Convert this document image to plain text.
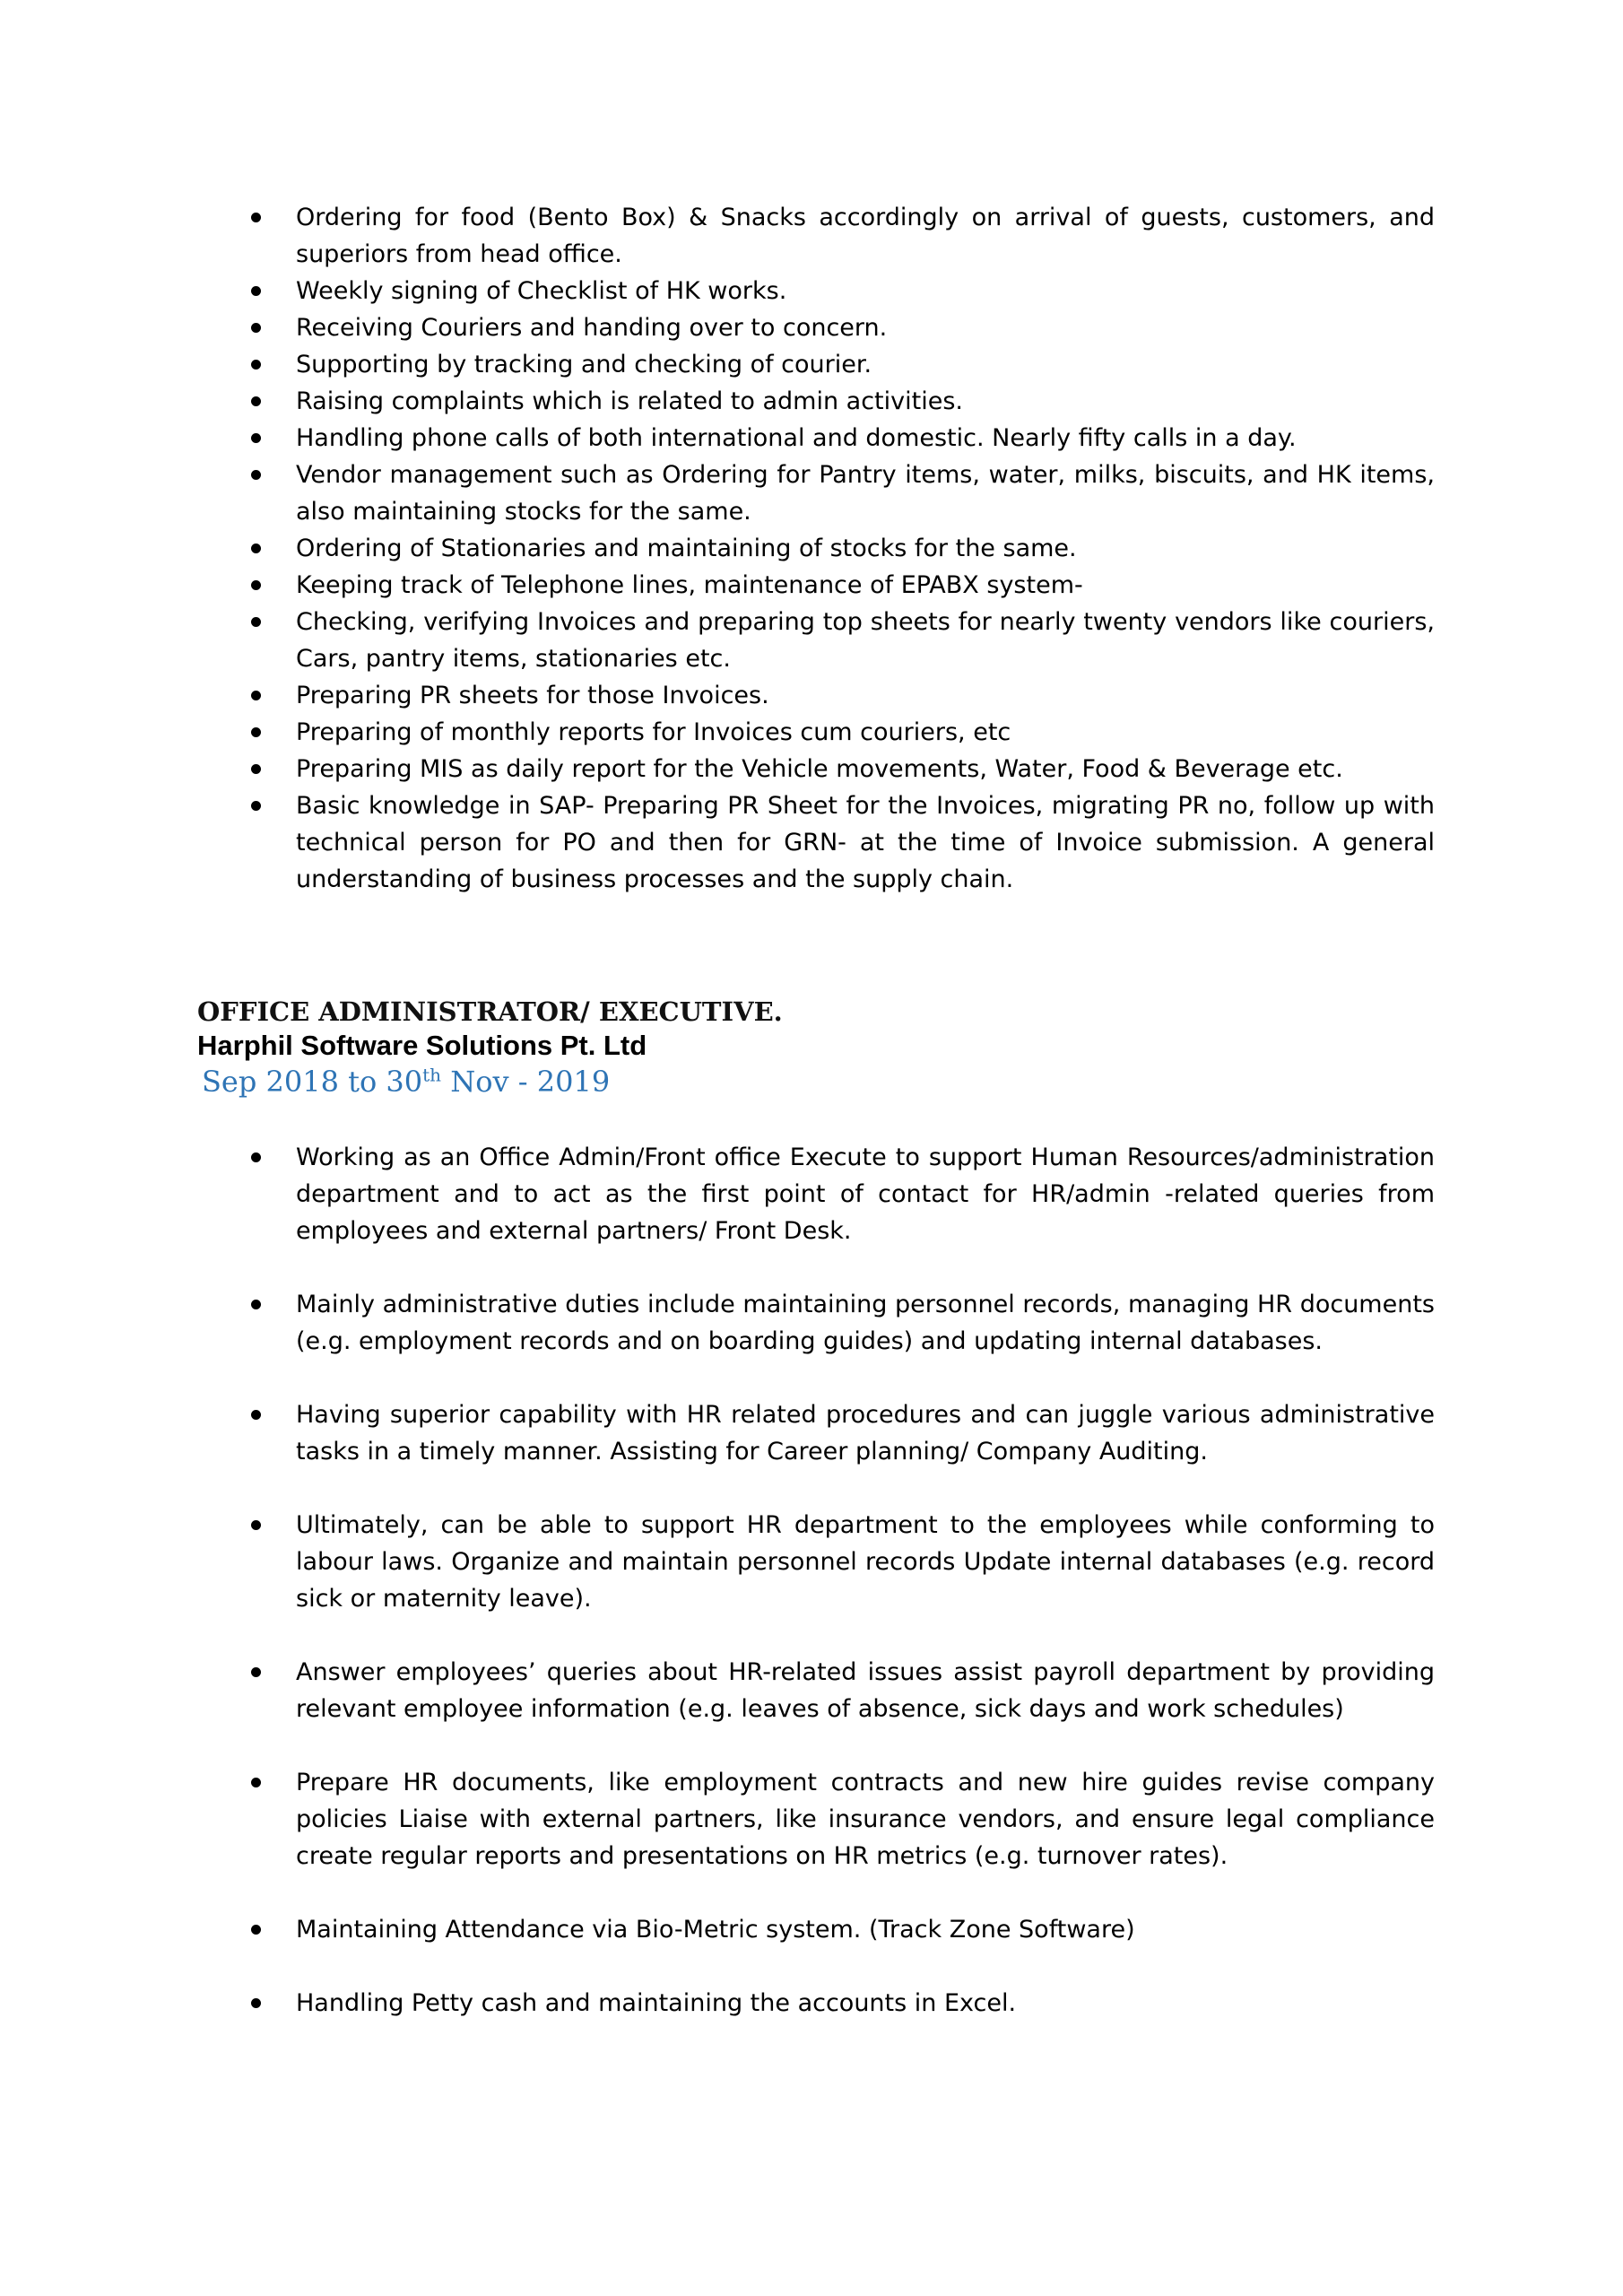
Ordering for food (Bento Box) & Snacks accordingly on arrival of guests, customers, and superiors from head office.
Weekly signing of Checklist of HK works.
Receiving Couriers and handing over to concern.
Supporting by tracking and checking of courier.
Raising complaints which is related to admin activities.
Handling phone calls of both international and domestic. Nearly fifty calls in a day.
Vendor management such as Ordering for Pantry items, water, milks, biscuits, and HK items, also maintaining stocks for the same.
Ordering of Stationaries and maintaining of stocks for the same.
Keeping track of Telephone lines, maintenance of EPABX system-
Checking, verifying Invoices and preparing top sheets for nearly twenty vendors like couriers, Cars, pantry items, stationaries etc.
Preparing PR sheets for those Invoices.
Preparing of monthly reports for Invoices cum couriers, etc
Preparing MIS as daily report for the Vehicle movements, Water, Food & Beverage etc.
Basic knowledge in SAP- Preparing PR Sheet for the Invoices, migrating PR no, follow up with technical person for PO and then for GRN- at the time of Invoice submission. A general understanding of business processes and the supply chain.
OFFICE ADMINISTRATOR/ EXECUTIVE.
Harphil Software Solutions Pt. Ltd
Sep 2018 to 30th Nov - 2019
Working as an Office Admin/Front office Execute to support Human Resources/administration department and to act as the first point of contact for HR/admin -related queries from employees and external partners/ Front Desk.
Mainly administrative duties include maintaining personnel records, managing HR documents (e.g. employment records and on boarding guides) and updating internal databases.
Having superior capability with HR related procedures and can juggle various administrative tasks in a timely manner. Assisting for Career planning/ Company Auditing.
Ultimately, can be able to support HR department to the employees while conforming to labour laws. Organize and maintain personnel records Update internal databases (e.g. record sick or maternity leave).
Answer employees’ queries about HR-related issues assist payroll department by providing relevant employee information (e.g. leaves of absence, sick days and work schedules)
Prepare HR documents, like employment contracts and new hire guides revise company policies Liaise with external partners, like insurance vendors, and ensure legal compliance create regular reports and presentations on HR metrics (e.g. turnover rates).
Maintaining Attendance via Bio-Metric system. (Track Zone Software)
Handling Petty cash and maintaining the accounts in Excel.
